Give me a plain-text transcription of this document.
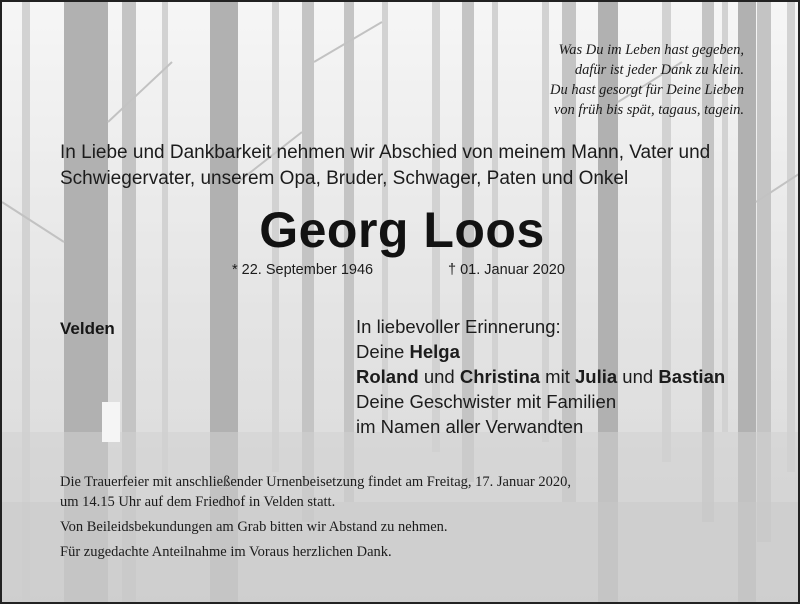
Was Du im Leben hast gegeben,
dafür ist jeder Dank zu klein.
Du hast gesorgt für Deine Lieben
von früh bis spät, tagaus, tagein.
In Liebe und Dankbarkeit nehmen wir Abschied von meinem Mann, Vater und
Schwiegervater, unserem Opa, Bruder, Schwager, Paten und Onkel
Georg Loos
* 22. September 1946	† 01. Januar 2020
Velden	In liebevoller Erinnerung:
Deine Helga
Roland und Christina mit Julia und Bastian
Deine Geschwister mit Familien
im Namen aller Verwandten
Die Trauerfeier mit anschließender Urnenbeisetzung findet am Freitag, 17. Januar 2020,
um 14.15 Uhr auf dem Friedhof in Velden statt.
Von Beileidsbekundungen am Grab bitten wir Abstand zu nehmen.
Für zugedachte Anteilnahme im Voraus herzlichen Dank.
